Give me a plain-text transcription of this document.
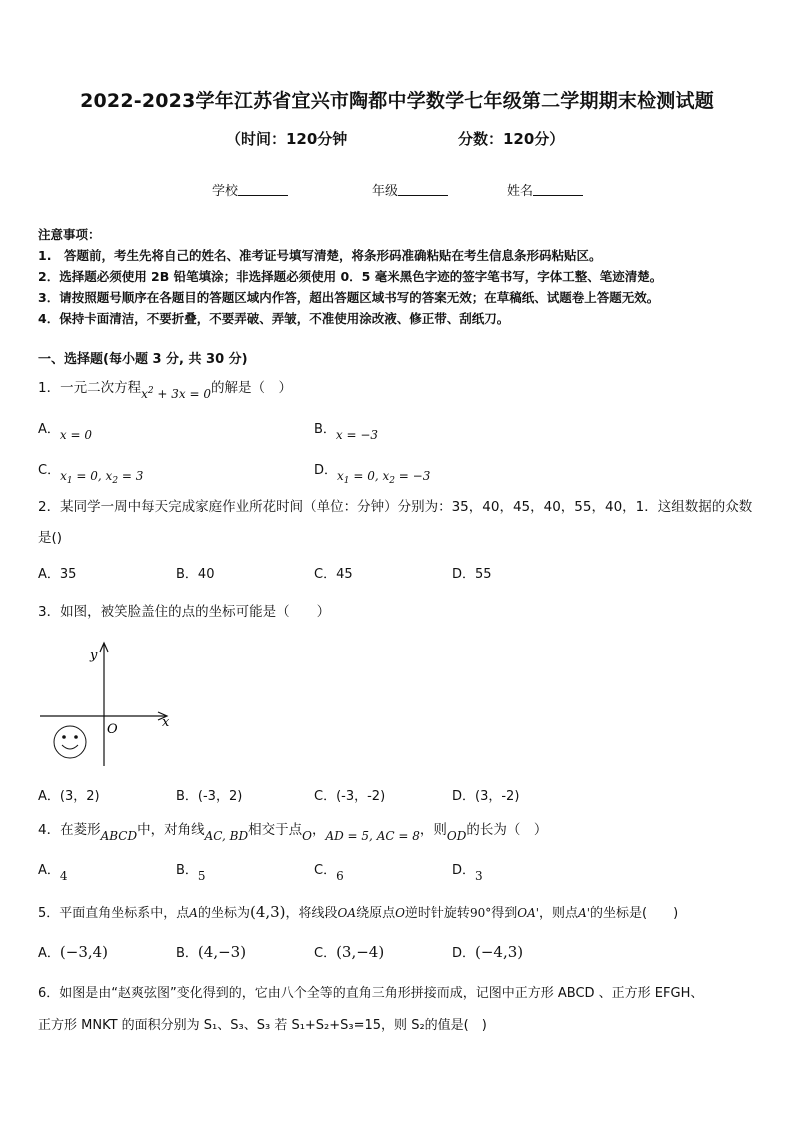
2022-2023学年江苏省宜兴市陶都中学数学七年级第二学期期末检测试题
（时间：120分钟	分数：120分）
学校	年级	姓名
注意事项：
1.　答题前，考生先将自己的姓名、准考证号填写清楚，将条形码准确粘贴在考生信息条形码粘贴区。
2．选择题必须使用 2B 铅笔填涂；非选择题必须使用 0．5 毫米黑色字迹的签字笔书写，字体工整、笔迹清楚。
3．请按照题号顺序在各题目的答题区域内作答，超出答题区域书写的答案无效；在草稿纸、试题卷上答题无效。
4．保持卡面清洁，不要折叠，不要弄破、弄皱，不准使用涂改液、修正带、刮纸刀。
一、选择题(每小题 3 分, 共 30 分)
1．一元二次方程$x^2 + 3x = 0$的解是（　）
A．x = 0	B．x = −3
C．$x_1 = 0$, $x_2 = 3$	D．$x_1 = 0$, $x_2 = -3$
2．某同学一周中每天完成家庭作业所花时间（单位：分钟）分别为：35，40，45，40，55，40，1．这组数据的众数是()
A．35	B．40	C．45	D．55
3．如图，被笑脸盖住的点的坐标可能是（　　）
y
x
O
A．(3，2)	B．(-3，2)	C．(-3，-2)	D．(3，-2)
4．在菱形ABCD中，对角线AC, BD相交于点O，AD = 5, AC = 8，则OD的长为（　）
A．4	B．5	C．6	D．3
5．平面直角坐标系中，点A的坐标为(4,3)，将线段OA绕原点O逆时针旋转90°得到OA'，则点A'的坐标是(　　)
A．(−3,4)	B．(4,−3)	C．(3,−4)	D．(−4,3)
6．如图是由“赵爽弦图”变化得到的，它由八个全等的直角三角形拼接而成，记图中正方形 ABCD 、正方形 EFGH、
正方形 MNKT 的面积分别为 S₁、S₃、S₃ 若 S₁+S₂+S₃=15，则 S₂的值是(　)
